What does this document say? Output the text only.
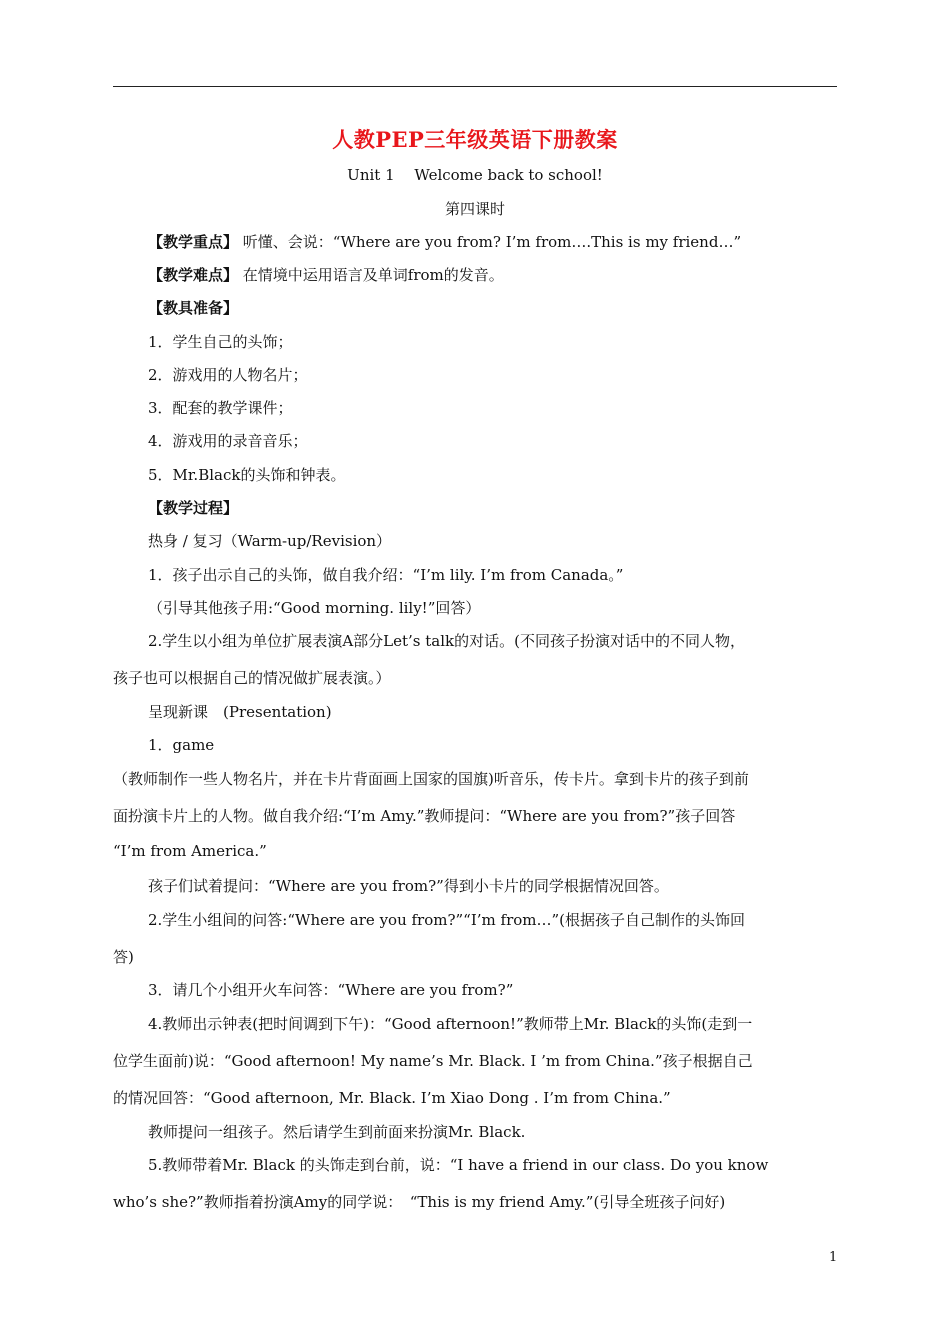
人教PEP三年级英语下册教案
Unit 1　 Welcome back to school!
第四课时
【教学重点】 听懂、会说：“Where are you from? I’m from….This is my friend…”
【教学难点】 在情境中运用语言及单词from的发音。
【教具准备】
1．学生自己的头饰；
2．游戏用的人物名片；
3．配套的教学课件；
4．游戏用的录音音乐；
5．Mr.Black的头饰和钟表。
【教学过程】
热身 / 复习（Warm-up/Revision）
1．孩子出示自己的头饰，做自我介绍：“I’m lily. I’m from Canada。”
（引导其他孩子用:“Good morning. lily!”回答）
2.学生以小组为单位扩展表演A部分Let’s talk的对话。(不同孩子扮演对话中的不同人物，
孩子也可以根据自己的情况做扩展表演。）
呈现新课　(Presentation)
1．game
（教师制作一些人物名片，并在卡片背面画上国家的国旗)听音乐，传卡片。拿到卡片的孩子到前
面扮演卡片上的人物。做自我介绍:“I’m Amy.”教师提问：“Where are you from?”孩子回答
“I’m from America.”
孩子们试着提问：“Where are you from?”得到小卡片的同学根据情况回答。
2.学生小组间的问答:“Where are you from?”“I’m from…”(根据孩子自己制作的头饰回
答)
3．请几个小组开火车问答：“Where are you from?”
4.教师出示钟表(把时间调到下午)：“Good afternoon!”教师带上Mr. Black的头饰(走到一
位学生面前)说：“Good afternoon! My name’s Mr. Black. I ’m from China.”孩子根据自己
的情况回答：“Good afternoon, Mr. Black. I’m Xiao Dong . I’m from China.”
教师提问一组孩子。然后请学生到前面来扮演Mr. Black.
5.教师带着Mr. Black 的头饰走到台前，说：“I have a friend in our class. Do you know
who’s she?”教师指着扮演Amy的同学说：　“This is my friend Amy.”(引导全班孩子问好)
1
